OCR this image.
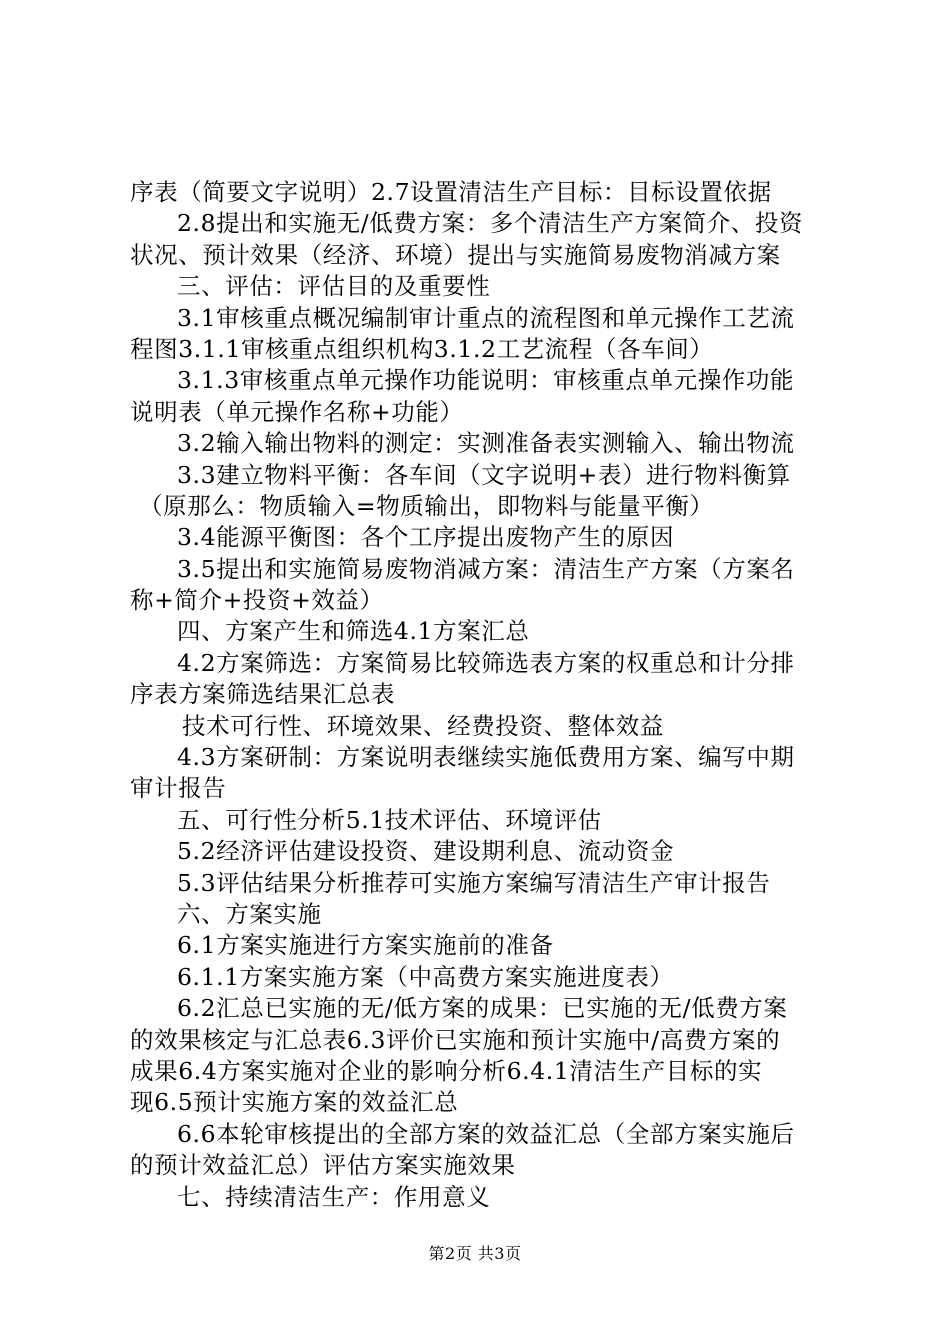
序表（简要文字说明）2.7设置清洁生产目标：目标设置依据
2.8提出和实施无/低费方案：多个清洁生产方案简介、投资
状况、预计效果（经济、环境）提出与实施简易废物消减方案
三、评估：评估目的及重要性
3.1审核重点概况编制审计重点的流程图和单元操作工艺流
程图3.1.1审核重点组织机构3.1.2工艺流程（各车间）
3.1.3审核重点单元操作功能说明：审核重点单元操作功能
说明表（单元操作名称+功能）
3.2输入输出物料的测定：实测准备表实测输入、输出物流
3.3建立物料平衡：各车间（文字说明+表）进行物料衡算
（原那么：物质输入=物质输出，即物料与能量平衡）
3.4能源平衡图：各个工序提出废物产生的原因
3.5提出和实施简易废物消减方案：清洁生产方案（方案名
称+简介+投资+效益）
四、方案产生和筛选4.1方案汇总
4.2方案筛选：方案简易比较筛选表方案的权重总和计分排
序表方案筛选结果汇总表
技术可行性、环境效果、经费投资、整体效益
4.3方案研制：方案说明表继续实施低费用方案、编写中期
审计报告
五、可行性分析5.1技术评估、环境评估
5.2经济评估建设投资、建设期利息、流动资金
5.3评估结果分析推荐可实施方案编写清洁生产审计报告
六、方案实施
6.1方案实施进行方案实施前的准备
6.1.1方案实施方案（中高费方案实施进度表）
6.2汇总已实施的无/低方案的成果：已实施的无/低费方案
的效果核定与汇总表6.3评价已实施和预计实施中/高费方案的
成果6.4方案实施对企业的影响分析6.4.1清洁生产目标的实
现6.5预计实施方案的效益汇总
6.6本轮审核提出的全部方案的效益汇总（全部方案实施后
的预计效益汇总）评估方案实施效果
七、持续清洁生产：作用意义
第2页 共3页
